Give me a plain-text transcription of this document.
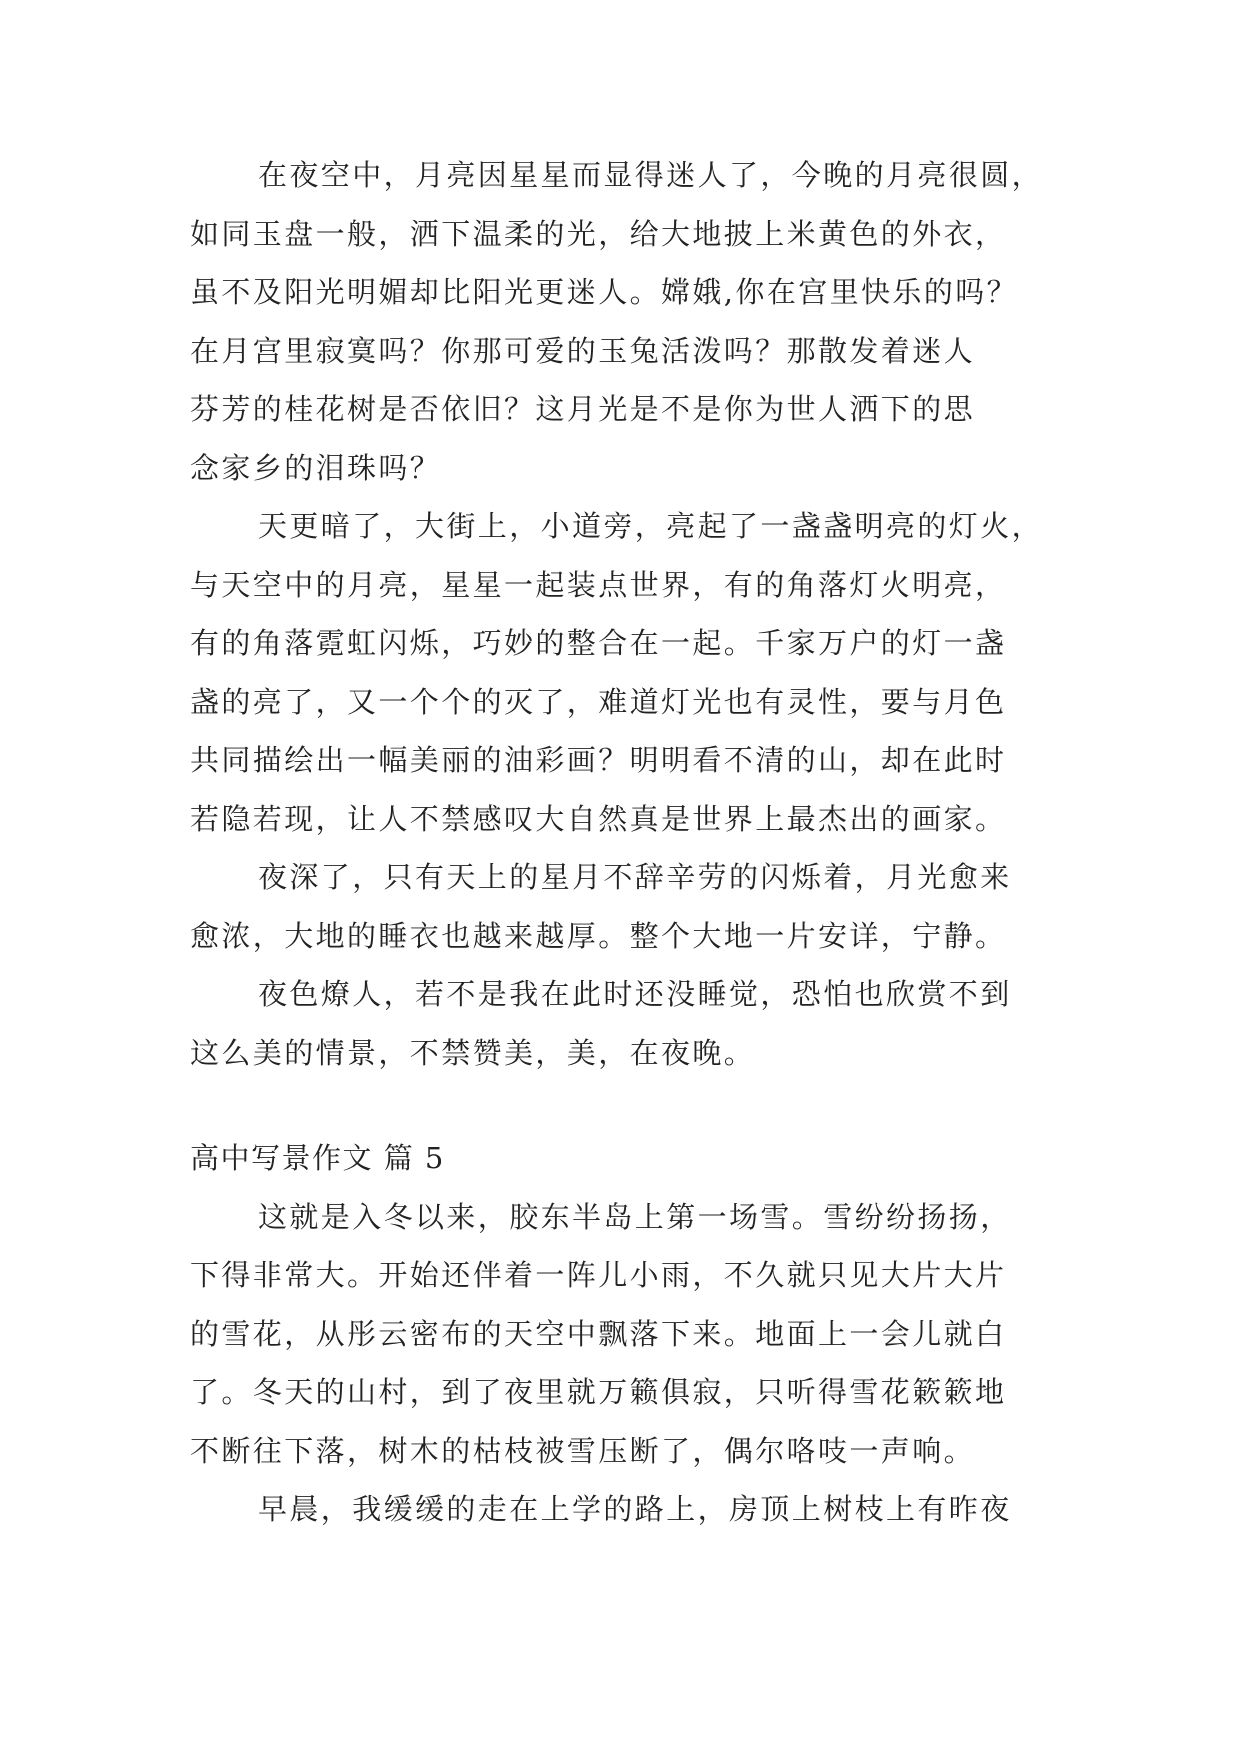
在夜空中，月亮因星星而显得迷人了，今晚的月亮很圆，
如同玉盘一般，洒下温柔的光，给大地披上米黄色的外衣，
虽不及阳光明媚却比阳光更迷人。嫦娥,你在宫里快乐的吗？
在月宫里寂寞吗？你那可爱的玉兔活泼吗？那散发着迷人
芬芳的桂花树是否依旧？这月光是不是你为世人洒下的思
念家乡的泪珠吗？
天更暗了，大街上，小道旁，亮起了一盏盏明亮的灯火，
与天空中的月亮，星星一起装点世界，有的角落灯火明亮，
有的角落霓虹闪烁，巧妙的整合在一起。千家万户的灯一盏
盏的亮了，又一个个的灭了，难道灯光也有灵性，要与月色
共同描绘出一幅美丽的油彩画？明明看不清的山，却在此时
若隐若现，让人不禁感叹大自然真是世界上最杰出的画家。
夜深了，只有天上的星月不辞辛劳的闪烁着，月光愈来
愈浓，大地的睡衣也越来越厚。整个大地一片安详，宁静。
夜色燎人，若不是我在此时还没睡觉，恐怕也欣赏不到
这么美的情景，不禁赞美，美，在夜晚。
高中写景作文 篇 5
这就是入冬以来，胶东半岛上第一场雪。雪纷纷扬扬，
下得非常大。开始还伴着一阵儿小雨，不久就只见大片大片
的雪花，从彤云密布的天空中飘落下来。地面上一会儿就白
了。冬天的山村，到了夜里就万籁俱寂，只听得雪花簌簌地
不断往下落，树木的枯枝被雪压断了，偶尔咯吱一声响。
早晨，我缓缓的走在上学的路上，房顶上树枝上有昨夜
